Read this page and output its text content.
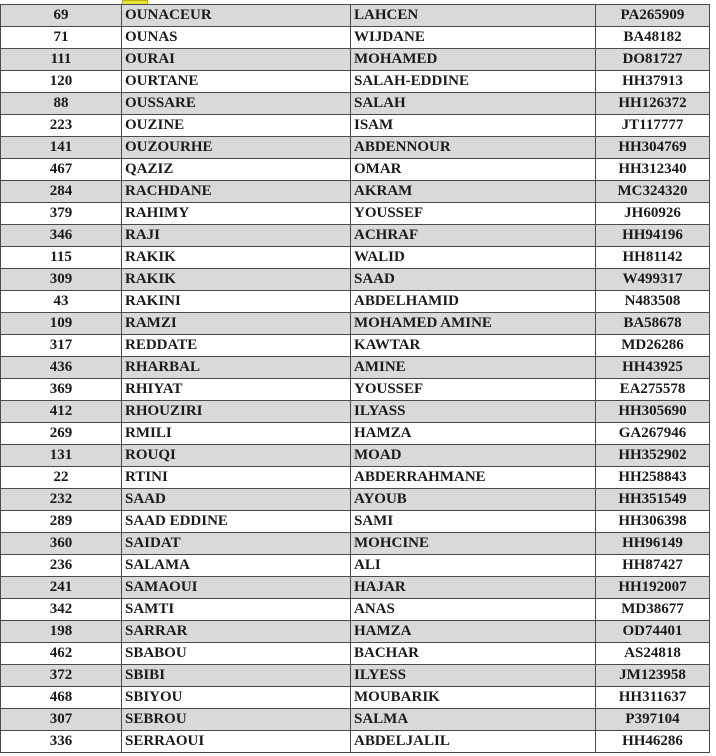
69	OUNACEUR	LAHCEN	PA265909
71	OUNAS	WIJDANE	BA48182
111	OURAI	MOHAMED	DO81727
120	OURTANE	SALAH-EDDINE	HH37913
88	OUSSARE	SALAH	HH126372
223	OUZINE	ISAM	JT117777
141	OUZOURHE	ABDENNOUR	HH304769
467	QAZIZ	OMAR	HH312340
284	RACHDANE	AKRAM	MC324320
379	RAHIMY	YOUSSEF	JH60926
346	RAJI	ACHRAF	HH94196
115	RAKIK	WALID	HH81142
309	RAKIK	SAAD	W499317
43	RAKINI	ABDELHAMID	N483508
109	RAMZI	MOHAMED AMINE	BA58678
317	REDDATE	KAWTAR	MD26286
436	RHARBAL	AMINE	HH43925
369	RHIYAT	YOUSSEF	EA275578
412	RHOUZIRI	ILYASS	HH305690
269	RMILI	HAMZA	GA267946
131	ROUQI	MOAD	HH352902
22	RTINI	ABDERRAHMANE	HH258843
232	SAAD	AYOUB	HH351549
289	SAAD EDDINE	SAMI	HH306398
360	SAIDAT	MOHCINE	HH96149
236	SALAMA	ALI	HH87427
241	SAMAOUI	HAJAR	HH192007
342	SAMTI	ANAS	MD38677
198	SARRAR	HAMZA	OD74401
462	SBABOU	BACHAR	AS24818
372	SBIBI	ILYESS	JM123958
468	SBIYOU	MOUBARIK	HH311637
307	SEBROU	SALMA	P397104
336	SERRAOUI	ABDELJALIL	HH46286
